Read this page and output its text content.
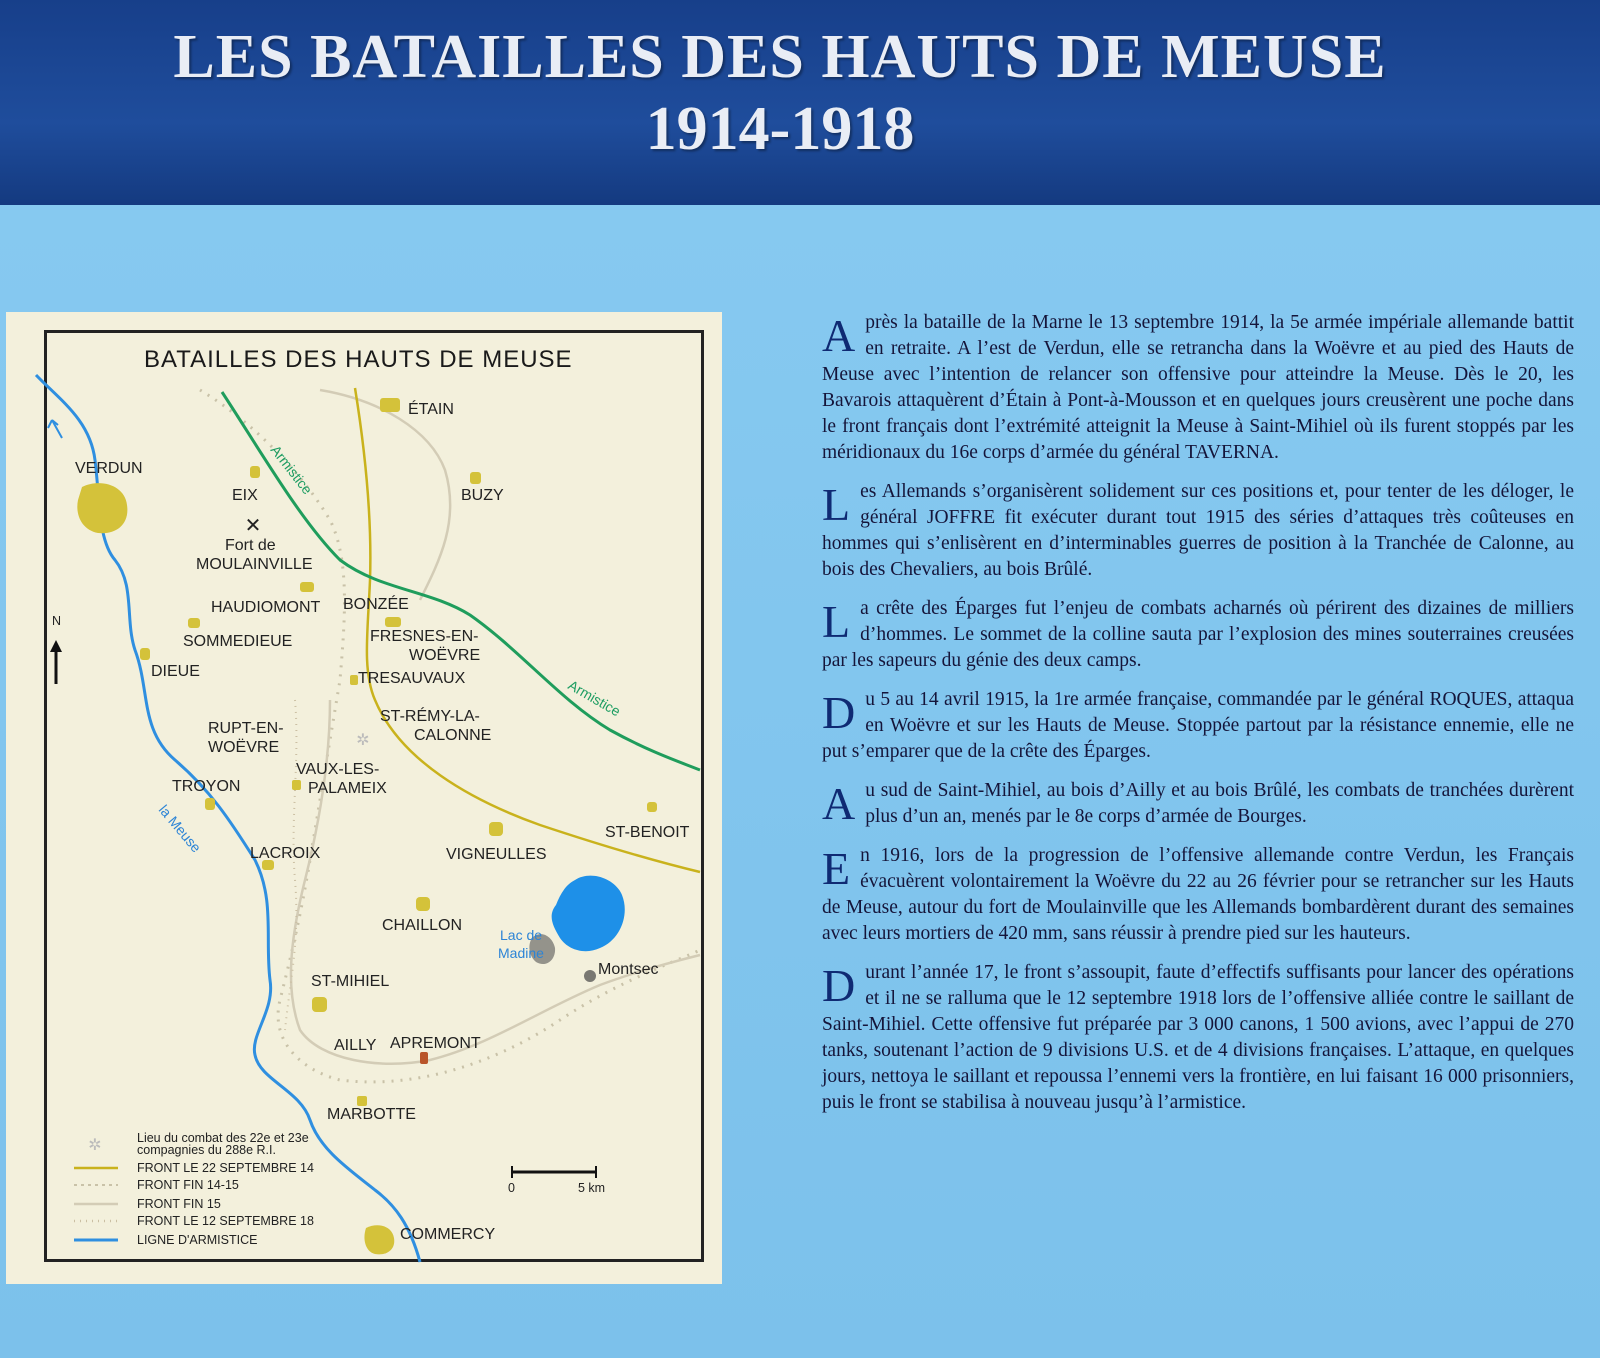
LES BATAILLES DES HAUTS DE MEUSE
1914-1918
✕
✲
BATAILLES DES HAUTS DE MEUSE
VERDUN
ÉTAIN
EIX	BUZY
Fort de
MOULAINVILLE
HAUDIOMONT BONZÉE
FRESNES-EN-
WOËVRE
SOMMEDIEUE
DIEUE	TRESAUVAUX
ST-RÉMY-LA-
CALONNE
RUPT-EN-
WOËVRE
VAUX-LES-
PALAMEIX
TROYON
ST-BENOIT
LACROIX	VIGNEULLES
CHAILLON
Lac de
Madine
Montsec
ST-MIHIEL
AILLY APREMONT
MARBOTTE
COMMERCY
Armistice
Armistice
la Meuse
N
0	5 km
✲	Lieu du combat des 22e et 23e
compagnies du 288e R.I.
FRONT LE 22 SEPTEMBRE 14
FRONT FIN 14-15
FRONT FIN 15
FRONT LE 12 SEPTEMBRE 18
LIGNE D'ARMISTICE

Après la bataille de la Marne le 13 septembre 1914, la 5e armée impériale allemande battit en retraite. A l’est de Verdun, elle se retrancha dans la Woëvre et au pied des Hauts de Meuse avec l’intention de relancer son offensive pour atteindre la Meuse. Dès le 20, les Bavarois attaquèrent d’Étain à Pont-à-Mousson et en quelques jours creusèrent une poche dans le front français dont l’extrémité atteignit la Meuse à Saint-Mihiel où ils furent stoppés par les méridionaux du 16e corps d’armée du général TAVERNA.

Les Allemands s’organisèrent solidement sur ces positions et, pour tenter de les déloger, le général JOFFRE fit exécuter durant tout 1915 des séries d’attaques très coûteuses en hommes qui s’enlisèrent en d’interminables guerres de position à la Tranchée de Calonne, au bois des Chevaliers, au bois Brûlé.

La crête des Éparges fut l’enjeu de combats acharnés où périrent des dizaines de milliers d’hommes. Le sommet de la colline sauta par l’explosion des mines souterraines creusées par les sapeurs du génie des deux camps.

Du 5 au 14 avril 1915, la 1re armée française, commandée par le général ROQUES, attaqua en Woëvre et sur les Hauts de Meuse. Stoppée partout par la résistance ennemie, elle ne put s’emparer que de la crête des Éparges.

Au sud de Saint-Mihiel, au bois d’Ailly et au bois Brûlé, les combats de tranchées durèrent plus d’un an, menés par le 8e corps d’armée de Bourges.

En 1916, lors de la progression de l’offensive allemande contre Verdun, les Français évacuèrent volontairement la Woëvre du 22 au 26 février pour se retrancher sur les Hauts de Meuse, autour du fort de Moulainville que les Allemands bombardèrent durant des semaines avec leurs mortiers de 420 mm, sans réussir à prendre pied sur les hauteurs.

Durant l’année 17, le front s’assoupit, faute d’effectifs suffisants pour lancer des opérations et il ne se ralluma que le 12 septembre 1918 lors de l’offensive alliée contre le saillant de Saint-Mihiel. Cette offensive fut préparée par 3 000 canons, 1 500 avions, avec l’appui de 270 tanks, soutenant l’action de 9 divisions U.S. et de 4 divisions françaises. L’attaque, en quelques jours, nettoya le saillant et repoussa l’ennemi vers la frontière, en lui faisant 16 000 prisonniers, puis le front se stabilisa à nouveau jusqu’à l’armistice.
